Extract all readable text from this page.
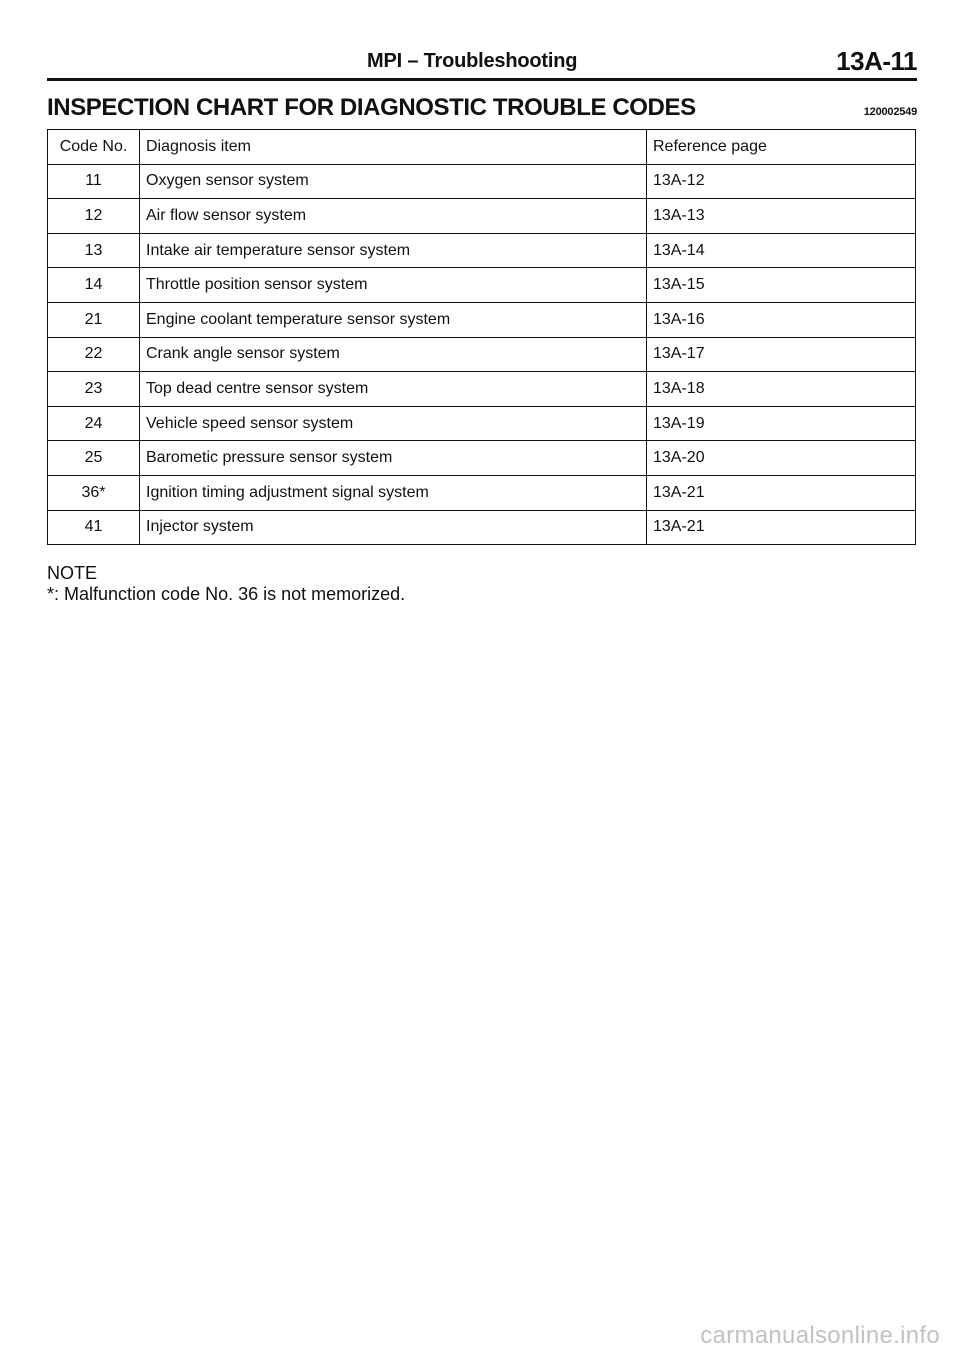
MPI – Troubleshooting	13A-11
INSPECTION CHART FOR DIAGNOSTIC TROUBLE CODES	120002549
Code No.	Diagnosis item	Reference page
11	Oxygen sensor system	13A-12
12	Air flow sensor system	13A-13
13	Intake air temperature sensor system	13A-14
14	Throttle position sensor system	13A-15
21	Engine coolant temperature sensor system	13A-16
22	Crank angle sensor system	13A-17
23	Top dead centre sensor system	13A-18
24	Vehicle speed sensor system	13A-19
25	Barometic pressure sensor system	13A-20
36*	Ignition timing adjustment signal system	13A-21
41	Injector system	13A-21
NOTE
*: Malfunction code No. 36 is not memorized.
carmanualsonline.info
